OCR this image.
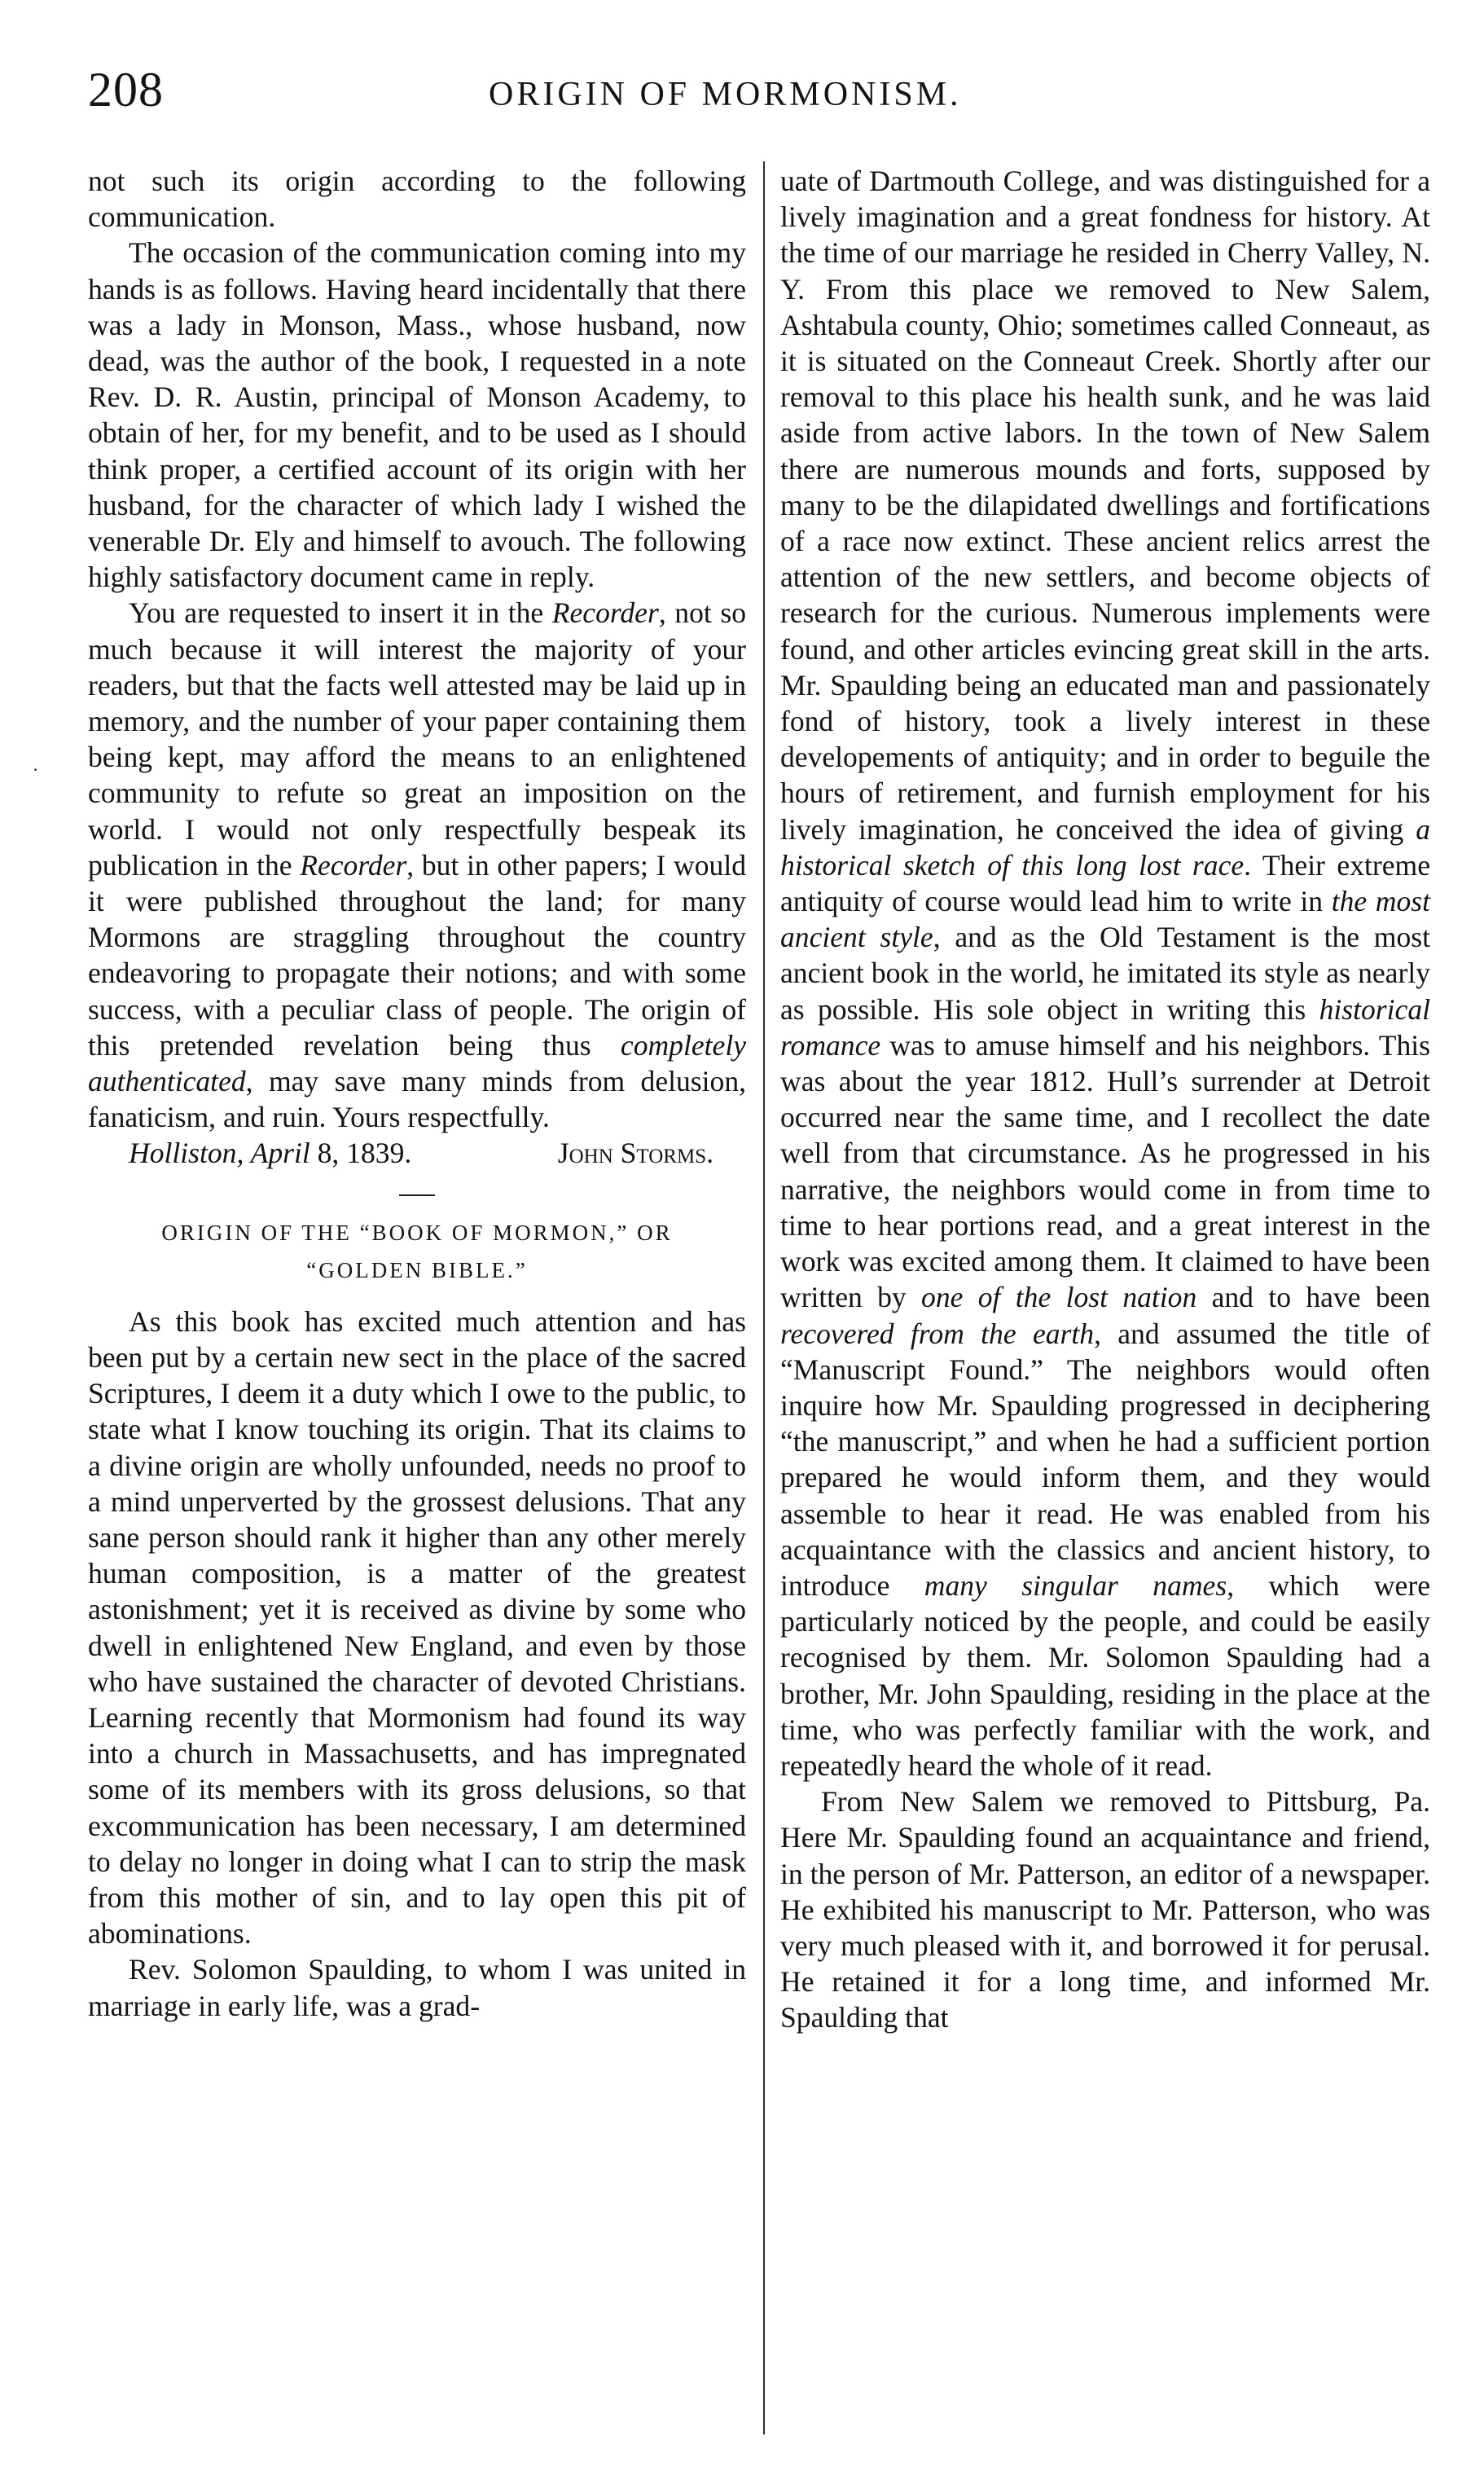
208	ORIGIN OF MORMONISM.
·

not such its origin according to the following communication.

The occasion of the communication coming into my hands is as follows. Having heard incidentally that there was a lady in Monson, Mass., whose husband, now dead, was the author of the book, I requested in a note Rev. D. R. Austin, principal of Monson Academy, to obtain of her, for my benefit, and to be used as I should think proper, a certified account of its origin with her husband, for the character of which lady I wished the venerable Dr. Ely and himself to avouch. The following highly satisfactory document came in reply.

You are requested to insert it in the Recorder, not so much because it will interest the majority of your readers, but that the facts well attested may be laid up in memory, and the number of your paper containing them being kept, may afford the means to an enlightened community to refute so great an imposition on the world. I would not only respectfully bespeak its publication in the Recorder, but in other papers; I would it were published throughout the land; for many Mormons are straggling throughout the country endeavoring to propagate their notions; and with some success, with a peculiar class of people. The origin of this pretended revelation being thus completely authenticated, may save many minds from delusion, fanaticism, and ruin. Yours respectfully.
John Storms.

Holliston, April 8, 1839.

ORIGIN OF THE “BOOK OF MORMON,” OR
“GOLDEN BIBLE.”

As this book has excited much attention and has been put by a certain new sect in the place of the sacred Scriptures, I deem it a duty which I owe to the public, to state what I know touching its origin. That its claims to a divine origin are wholly unfounded, needs no proof to a mind unperverted by the grossest delusions. That any sane person should rank it higher than any other merely human composition, is a matter of the greatest astonishment; yet it is received as divine by some who dwell in enlightened New England, and even by those who have sustained the character of devoted Christians. Learning recently that Mormonism had found its way into a church in Massachusetts, and has impregnated some of its members with its gross delusions, so that excommunication has been necessary, I am determined to delay no longer in doing what I can to strip the mask from this mother of sin, and to lay open this pit of abominations.

Rev. Solomon Spaulding, to whom I was united in marriage in early life, was a grad-

uate of Dartmouth College, and was distinguished for a lively imagination and a great fondness for history. At the time of our marriage he resided in Cherry Valley, N. Y. From this place we removed to New Salem, Ashtabula county, Ohio; sometimes called Conneaut, as it is situated on the Conneaut Creek. Shortly after our removal to this place his health sunk, and he was laid aside from active labors. In the town of New Salem there are numerous mounds and forts, supposed by many to be the dilapidated dwellings and fortifications of a race now extinct. These ancient relics arrest the attention of the new settlers, and become objects of research for the curious. Numerous implements were found, and other articles evincing great skill in the arts. Mr. Spaulding being an educated man and passionately fond of history, took a lively interest in these developements of antiquity; and in order to beguile the hours of retirement, and furnish employment for his lively imagination, he conceived the idea of giving a historical sketch of this long lost race. Their extreme antiquity of course would lead him to write in the most ancient style, and as the Old Testament is the most ancient book in the world, he imitated its style as nearly as possible. His sole object in writing this historical romance was to amuse himself and his neighbors. This was about the year 1812. Hull’s surrender at Detroit occurred near the same time, and I recollect the date well from that circumstance. As he progressed in his narrative, the neighbors would come in from time to time to hear portions read, and a great interest in the work was excited among them. It claimed to have been written by one of the lost nation and to have been recovered from the earth, and assumed the title of “Manuscript Found.” The neighbors would often inquire how Mr. Spaulding progressed in deciphering “the manuscript,” and when he had a sufficient portion prepared he would inform them, and they would assemble to hear it read. He was enabled from his acquaintance with the classics and ancient history, to introduce many singular names, which were particularly noticed by the people, and could be easily recognised by them. Mr. Solomon Spaulding had a brother, Mr. John Spaulding, residing in the place at the time, who was perfectly familiar with the work, and repeatedly heard the whole of it read.

From New Salem we removed to Pittsburg, Pa. Here Mr. Spaulding found an acquaintance and friend, in the person of Mr. Patterson, an editor of a newspaper. He exhibited his manuscript to Mr. Patterson, who was very much pleased with it, and borrowed it for perusal. He retained it for a long time, and informed Mr. Spaulding that
